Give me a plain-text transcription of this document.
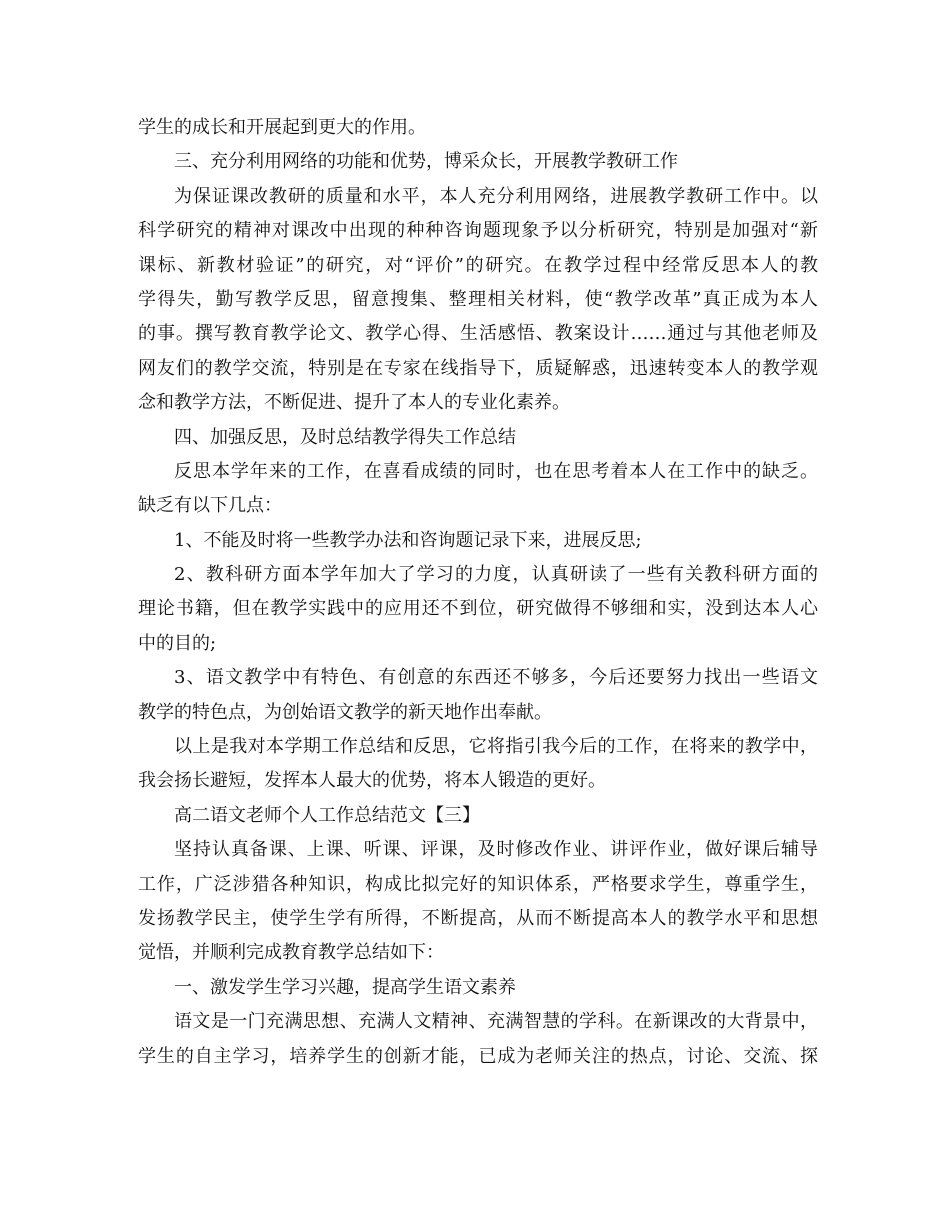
学生的成长和开展起到更大的作用。
三、充分利用网络的功能和优势，博采众长，开展教学教研工作
为保证课改教研的质量和水平，本人充分利用网络，进展教学教研工作中。以
科学研究的精神对课改中出现的种种咨询题现象予以分析研究，特别是加强对“新
课标、新教材验证”的研究，对“评价”的研究。在教学过程中经常反思本人的教
学得失，勤写教学反思，留意搜集、整理相关材料，使“教学改革”真正成为本人
的事。撰写教育教学论文、教学心得、生活感悟、教案设计……通过与其他老师及
网友们的教学交流，特别是在专家在线指导下，质疑解惑，迅速转变本人的教学观
念和教学方法，不断促进、提升了本人的专业化素养。
四、加强反思，及时总结教学得失工作总结
反思本学年来的工作，在喜看成绩的同时，也在思考着本人在工作中的缺乏。
缺乏有以下几点：
1、不能及时将一些教学办法和咨询题记录下来，进展反思;
2、教科研方面本学年加大了学习的力度，认真研读了一些有关教科研方面的
理论书籍，但在教学实践中的应用还不到位，研究做得不够细和实，没到达本人心
中的目的;
3、语文教学中有特色、有创意的东西还不够多，今后还要努力找出一些语文
教学的特色点，为创始语文教学的新天地作出奉献。
以上是我对本学期工作总结和反思，它将指引我今后的工作，在将来的教学中，
我会扬长避短，发挥本人最大的优势，将本人锻造的更好。
高二语文老师个人工作总结范文【三】
坚持认真备课、上课、听课、评课，及时修改作业、讲评作业，做好课后辅导
工作，广泛涉猎各种知识，构成比拟完好的知识体系，严格要求学生，尊重学生，
发扬教学民主，使学生学有所得，不断提高，从而不断提高本人的教学水平和思想
觉悟，并顺利完成教育教学总结如下：
一、激发学生学习兴趣，提高学生语文素养
语文是一门充满思想、充满人文精神、充满智慧的学科。在新课改的大背景中，
学生的自主学习，培养学生的创新才能，已成为老师关注的热点，讨论、交流、探
